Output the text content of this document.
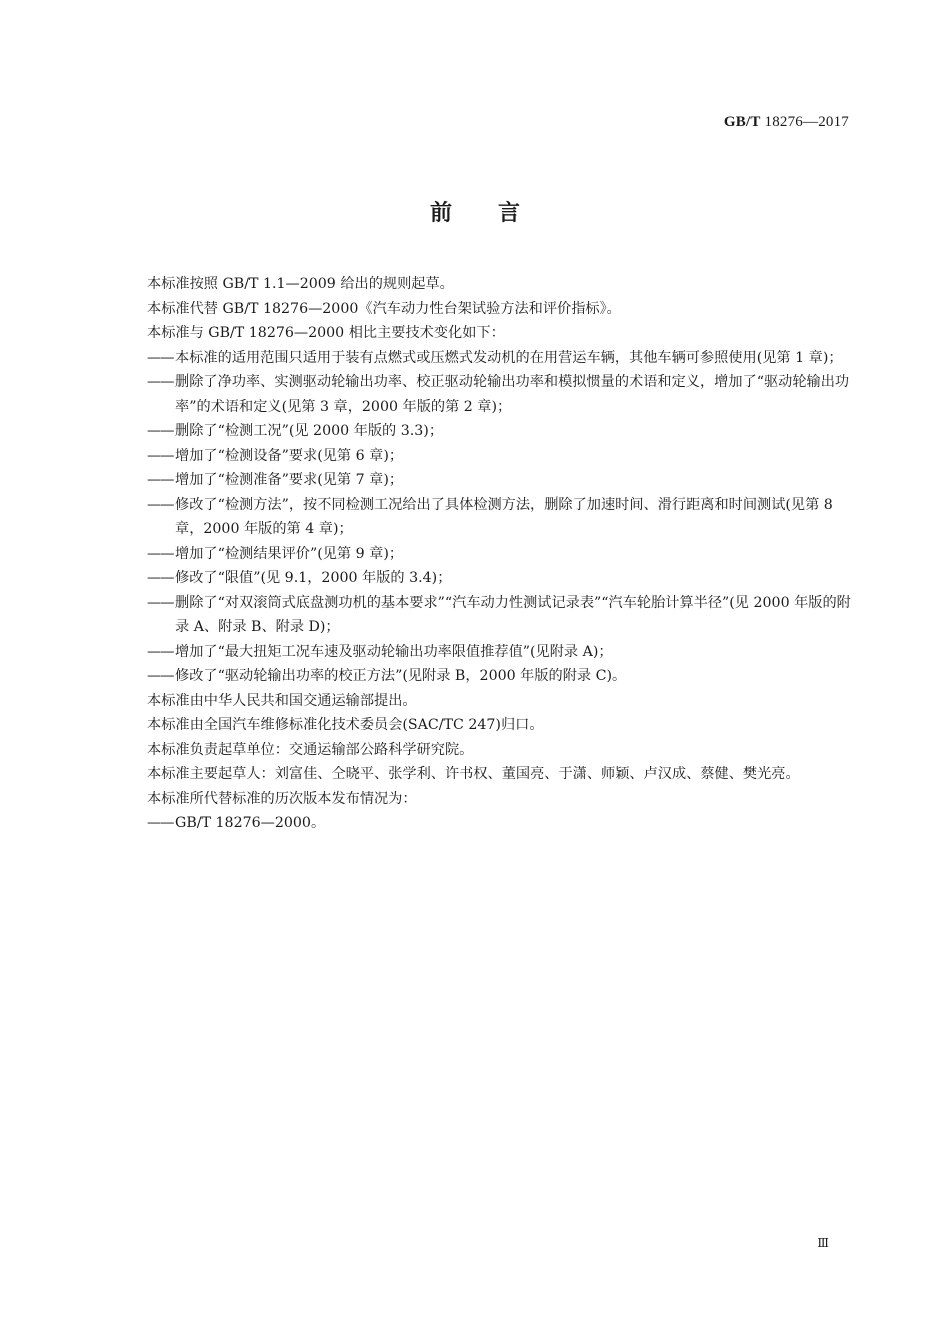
GB/T 18276—2017
前言

本标准按照 GB/T 1.1—2009 给出的规则起草。

本标准代替 GB/T 18276—2000《汽车动力性台架试验方法和评价指标》。

本标准与 GB/T 18276—2000 相比主要技术变化如下：

—— 本标准的适用范围只适用于装有点燃式或压燃式发动机的在用营运车辆，其他车辆可参照使用(见第 1 章)；

—— 删除了净功率、实测驱动轮输出功率、校正驱动轮输出功率和模拟惯量的术语和定义，增加了“驱动轮输出功率”的术语和定义(见第 3 章，2000 年版的第 2 章)；

—— 删除了“检测工况”(见 2000 年版的 3.3)；

—— 增加了“检测设备”要求(见第 6 章)；

—— 增加了“检测准备”要求(见第 7 章)；

—— 修改了“检测方法”，按不同检测工况给出了具体检测方法，删除了加速时间、滑行距离和时间测试(见第 8 章，2000 年版的第 4 章)；

—— 增加了“检测结果评价”(见第 9 章)；

—— 修改了“限值”(见 9.1，2000 年版的 3.4)；

—— 删除了“对双滚筒式底盘测功机的基本要求”“汽车动力性测试记录表”“汽车轮胎计算半径”(见 2000 年版的附录 A、附录 B、附录 D)；

—— 增加了“最大扭矩工况车速及驱动轮输出功率限值推荐值”(见附录 A)；

—— 修改了“驱动轮输出功率的校正方法”(见附录 B，2000 年版的附录 C)。

本标准由中华人民共和国交通运输部提出。

本标准由全国汽车维修标准化技术委员会(SAC/TC 247)归口。

本标准负责起草单位：交通运输部公路科学研究院。

本标准主要起草人：刘富佳、仝晓平、张学利、许书权、董国亮、于潇、师颖、卢汉成、蔡健、樊光亮。

本标准所代替标准的历次版本发布情况为：

—— GB/T 18276—2000。

Ⅲ
